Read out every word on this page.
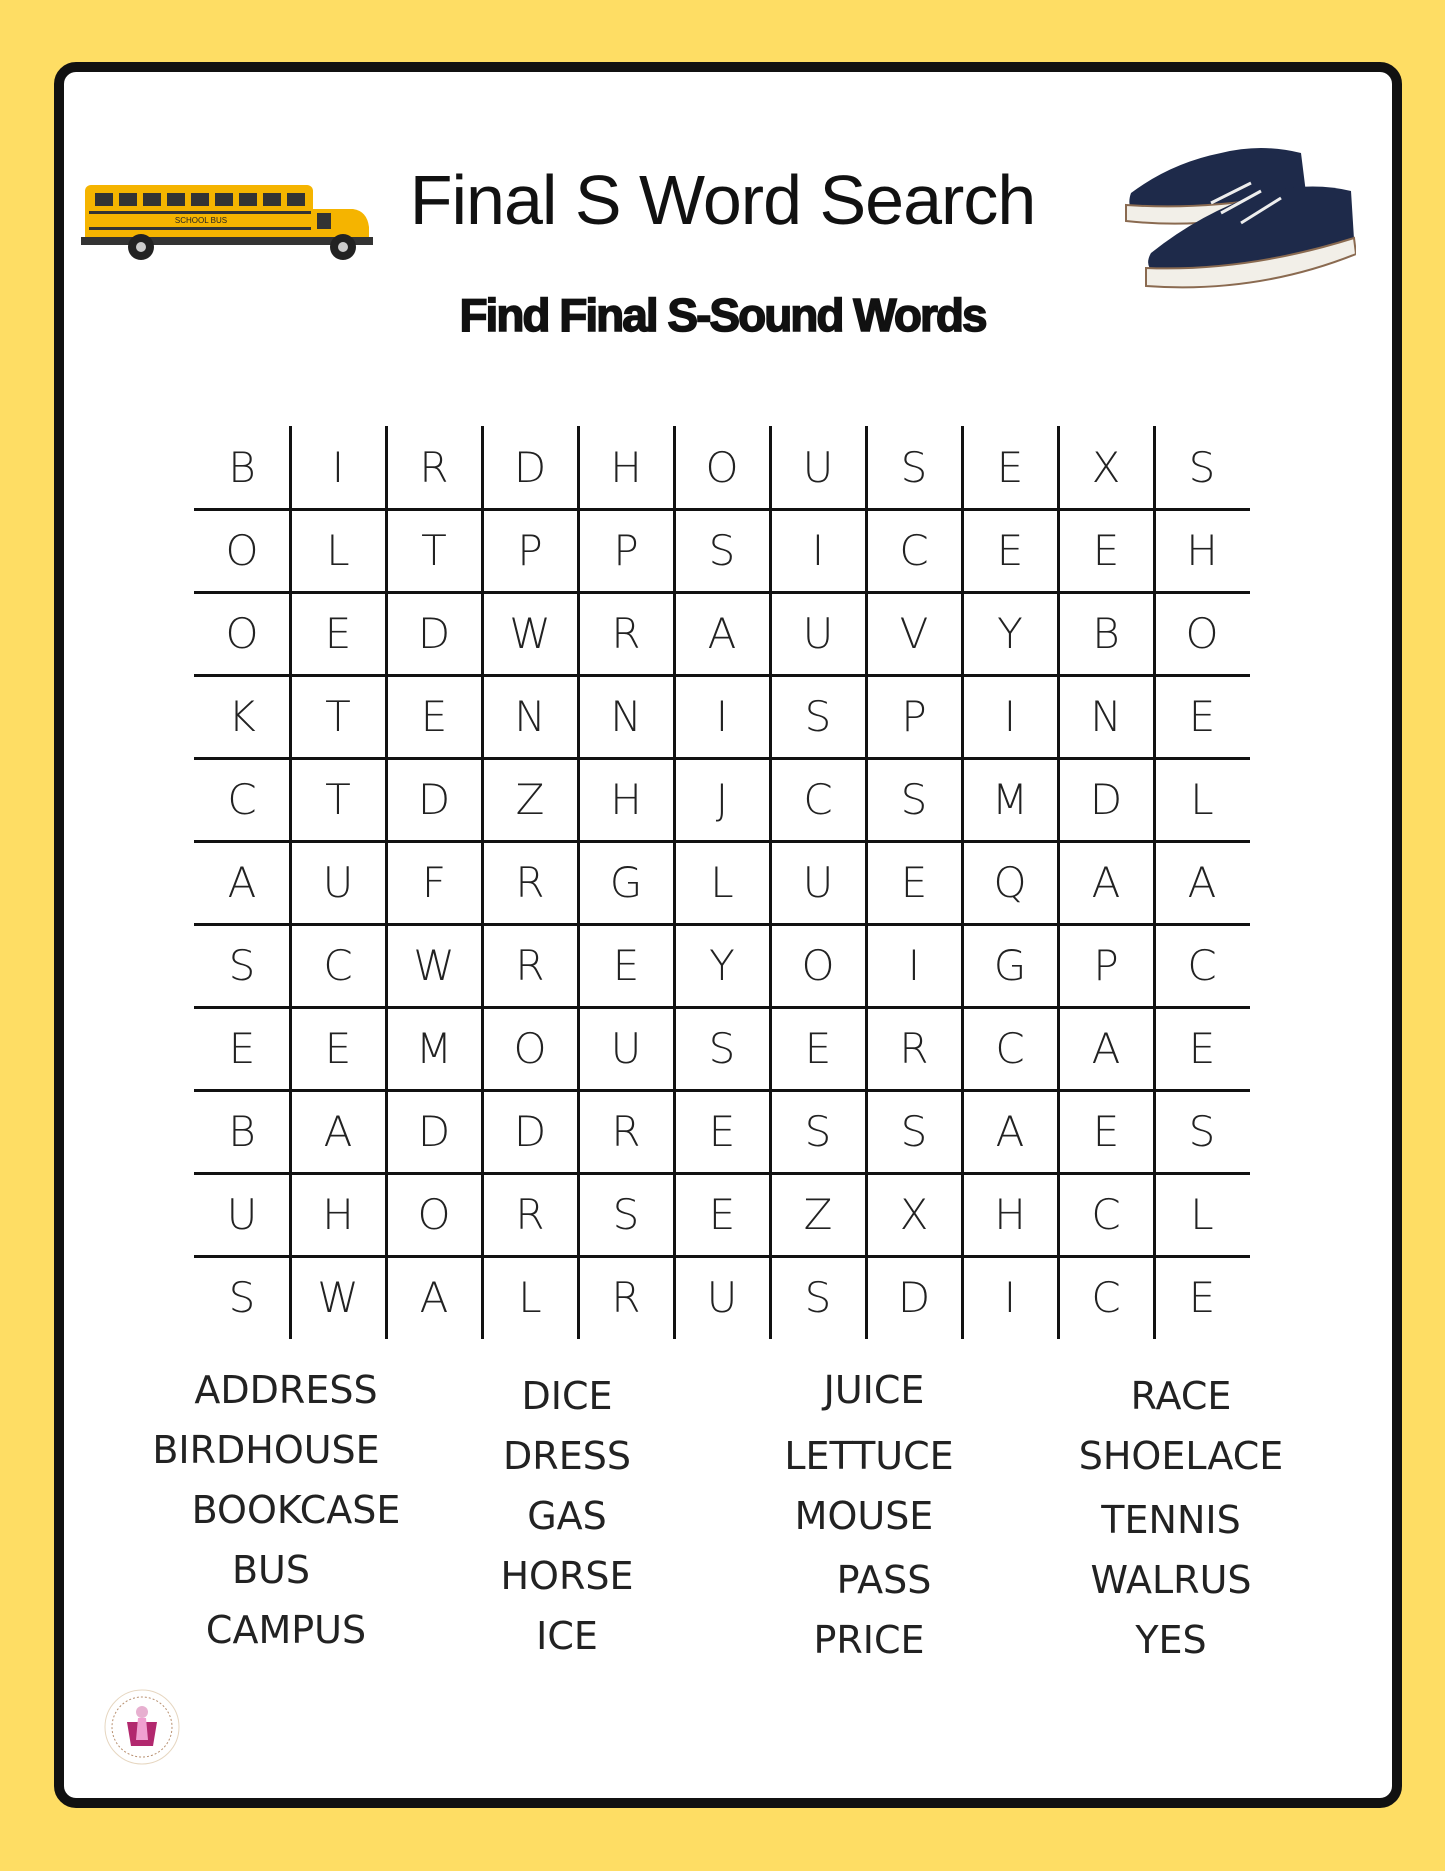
SCHOOL BUS	Final S Word Search
Find Final S-Sound Words
B	I	R	D	H	O	U	S	E	X	S
O	L	T	P	P	S	I	C	E	E	H
O	E	D	W	R	A	U	V	Y	B	O
K	T	E	N	N	I	S	P	I	N	E
C	T	D	Z	H	J	C	S	M	D	L
A	U	F	R	G	L	U	E	Q	A	A
S	C	W	R	E	Y	O	I	G	P	C
E	E	M	O	U	S	E	R	C	A	E
B	A	D	D	R	E	S	S	A	E	S
U	H	O	R	S	E	Z	X	H	C	L
S	W	A	L	R	U	S	D	I	C	E
ADDRESS
BIRDHOUSE
BOOKCASE
BUS
CAMPUS
DICE
DRESS
GAS
HORSE
ICE
JUICE
LETTUCE
MOUSE
PASS
PRICE
RACE
SHOELACE
TENNIS
WALRUS
YES
